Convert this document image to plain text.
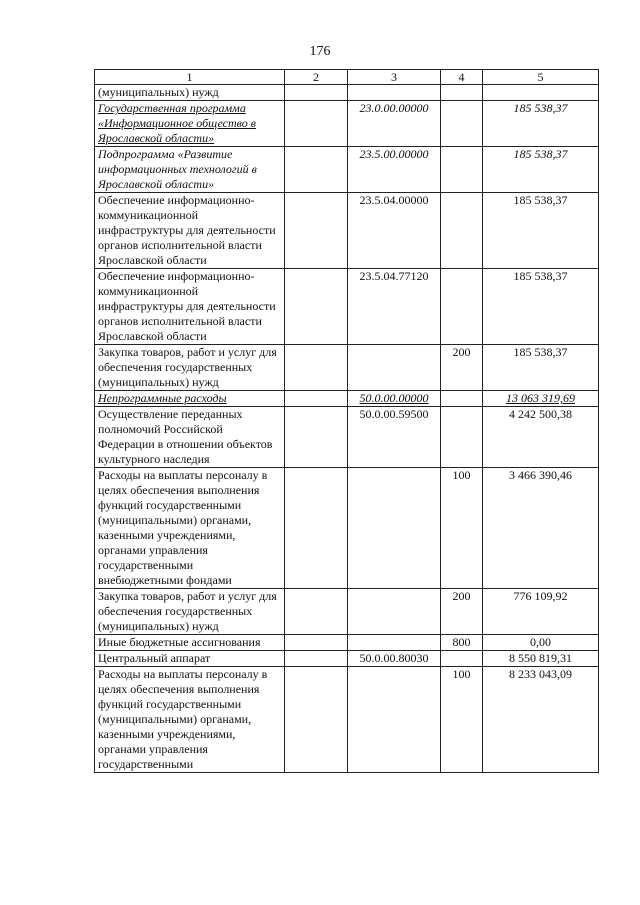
176
1	2	3	4	5
(муниципальных) нужд				
Государственная программа «Информационное общество в Ярославской области»		23.0.00.00000		185 538,37
Подпрограмма «Развитие информационных технологий в Ярославской области»		23.5.00.00000		185 538,37
Обеспечение информационно-коммуникационной инфраструктуры для деятельности органов исполнительной власти Ярославской области		23.5.04.00000		185 538,37
Обеспечение информационно-коммуникационной инфраструктуры для деятельности органов исполнительной власти Ярославской области		23.5.04.77120		185 538,37
Закупка товаров, работ и услуг для обеспечения государственных (муниципальных) нужд			200	185 538,37
Непрограммные расходы		50.0.00.00000		13 063 319,69
Осуществление переданных полномочий Российской Федерации в отношении объектов культурного наследия		50.0.00.59500		4 242 500,38
Расходы на выплаты персоналу в целях обеспечения выполнения функций государственными (муниципальными) органами, казенными учреждениями, органами управления государственными внебюджетными фондами			100	3 466 390,46
Закупка товаров, работ и услуг для обеспечения государственных (муниципальных) нужд			200	776 109,92
Иные бюджетные ассигнования			800	0,00
Центральный аппарат		50.0.00.80030		8 550 819,31
Расходы на выплаты персоналу в целях обеспечения выполнения функций государственными (муниципальными) органами, казенными учреждениями, органами управления государственными			100	8 233 043,09
